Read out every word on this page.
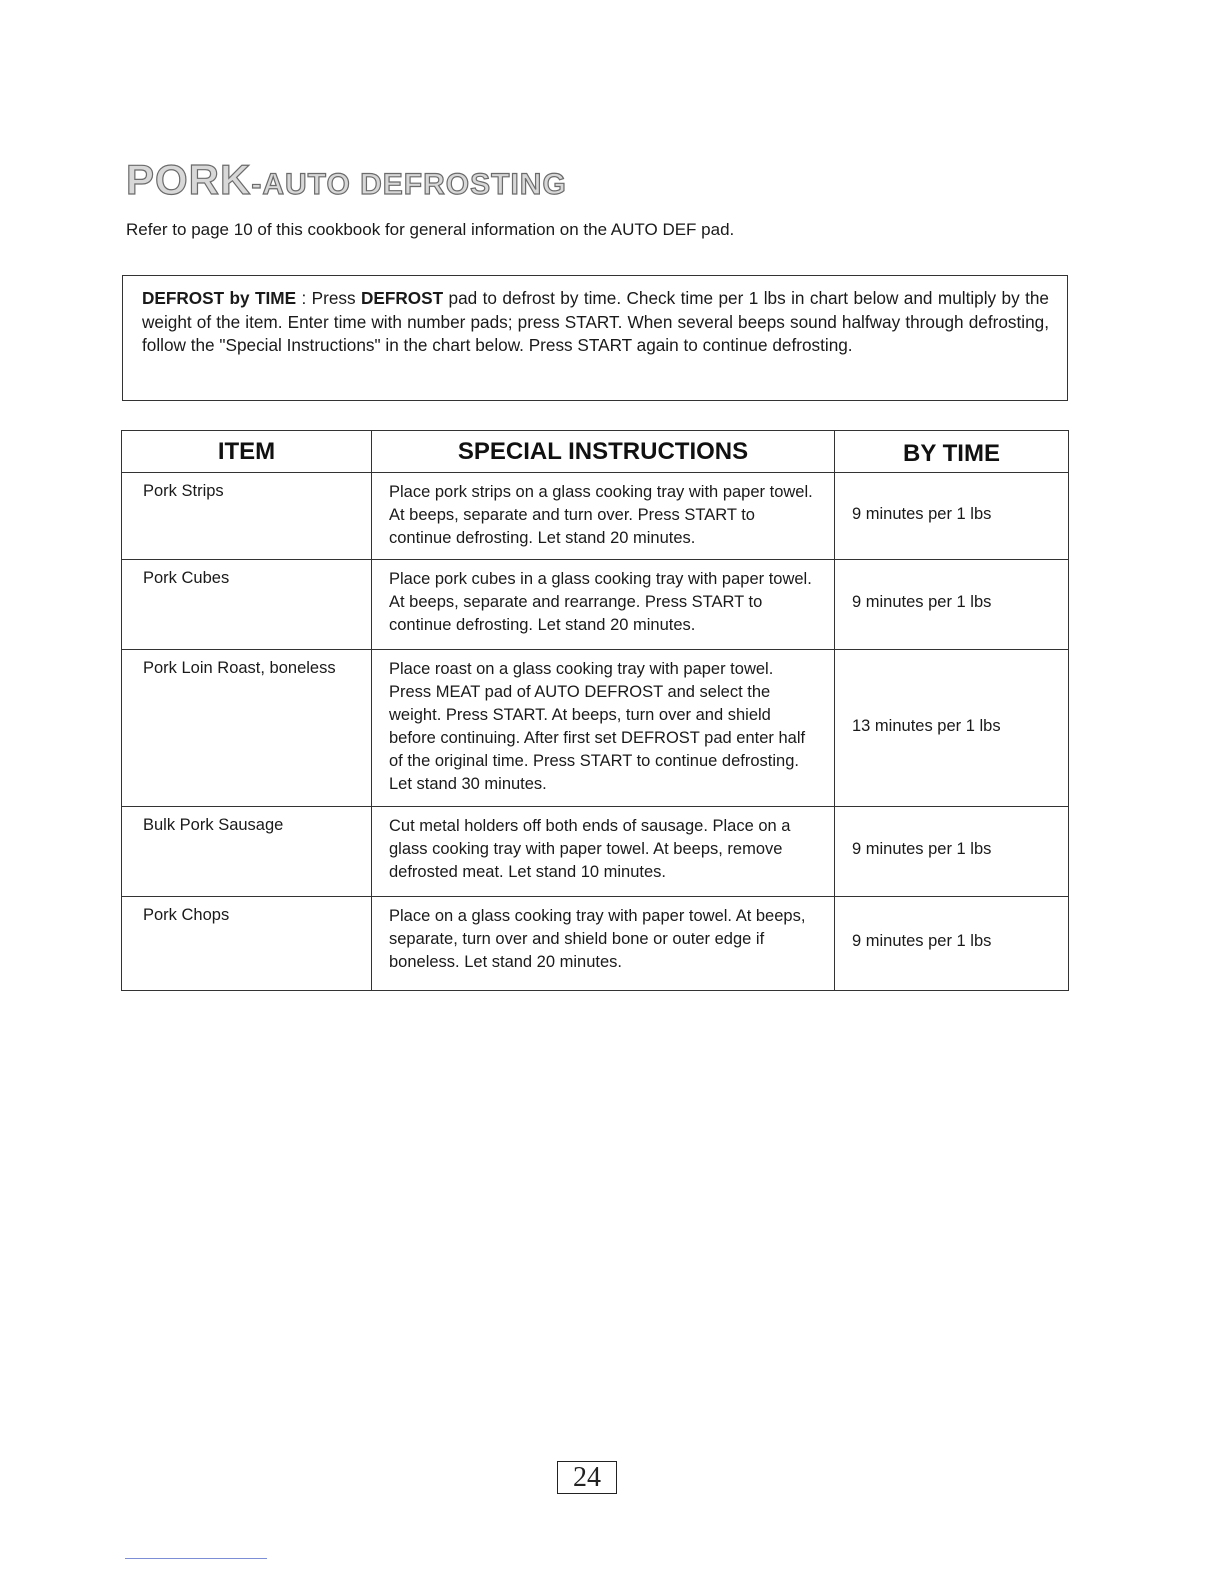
PORK-AUTO DEFROSTING

Refer to page 10 of this cookbook for general information on the AUTO DEF pad.

DEFROST by TIME : Press DEFROST pad to defrost by time. Check time per 1 lbs in chart below and multiply by the weight of the item. Enter time with number pads; press START. When several beeps sound halfway through defrosting, follow the "Special Instructions" in the chart below. Press START again to continue defrosting.

ITEM	SPECIAL INSTRUCTIONS	BY TIME
Pork Strips	Place pork strips on a glass cooking tray with paper towel. At beeps, separate and turn over. Press START to continue defrosting. Let stand 20 minutes.	9 minutes per 1 lbs
Pork Cubes	Place pork cubes in a glass cooking tray with paper towel. At beeps, separate and rearrange. Press START to continue defrosting. Let stand 20 minutes.	9 minutes per 1 lbs
Pork Loin Roast, boneless	Place roast on a glass cooking tray with paper towel. Press MEAT pad of AUTO DEFROST and select the weight. Press START. At beeps, turn over and shield before continuing. After first set DEFROST pad enter half of the original time. Press START to continue defrosting. Let stand 30 minutes.	13 minutes per 1 lbs
Bulk Pork Sausage	Cut metal holders off both ends of sausage. Place on a glass cooking tray with paper towel. At beeps, remove defrosted meat. Let stand 10 minutes.	9 minutes per 1 lbs
Pork Chops	Place on a glass cooking tray with paper towel. At beeps, separate, turn over and shield bone or outer edge if boneless. Let stand 20 minutes.	9 minutes per 1 lbs
24
